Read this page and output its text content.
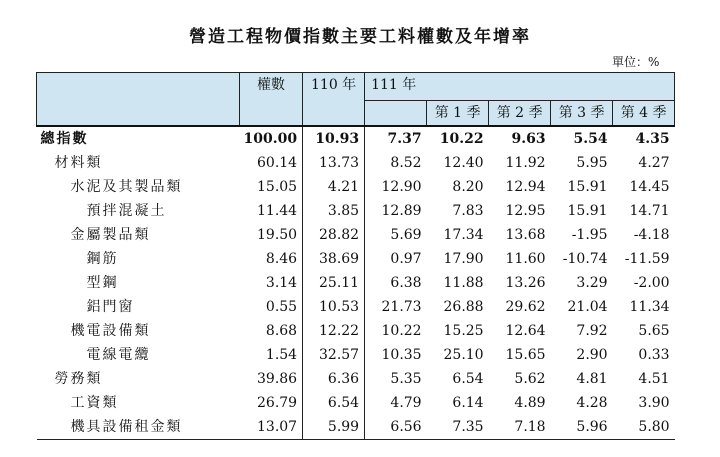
營造工程物價指數主要工料權數及年增率
單位：%
	權數	110 年	111 年				
				第 1 季	第 2 季	第 3 季	第 4 季
總指數	100.00	10.93	7.37	10.22	9.63	5.54	4.35
材料類	60.14	13.73	8.52	12.40	11.92	5.95	4.27
水泥及其製品類	15.05	4.21	12.90	8.20	12.94	15.91	14.45
預拌混凝土	11.44	3.85	12.89	7.83	12.95	15.91	14.71
金屬製品類	19.50	28.82	5.69	17.34	13.68	-1.95	-4.18
鋼筋	8.46	38.69	0.97	17.90	11.60	-10.74	-11.59
型鋼	3.14	25.11	6.38	11.88	13.26	3.29	-2.00
鋁門窗	0.55	10.53	21.73	26.88	29.62	21.04	11.34
機電設備類	8.68	12.22	10.22	15.25	12.64	7.92	5.65
電線電纜	1.54	32.57	10.35	25.10	15.65	2.90	0.33
勞務類	39.86	6.36	5.35	6.54	5.62	4.81	4.51
工資類	26.79	6.54	4.79	6.14	4.89	4.28	3.90
機具設備租金類	13.07	5.99	6.56	7.35	7.18	5.96	5.80
